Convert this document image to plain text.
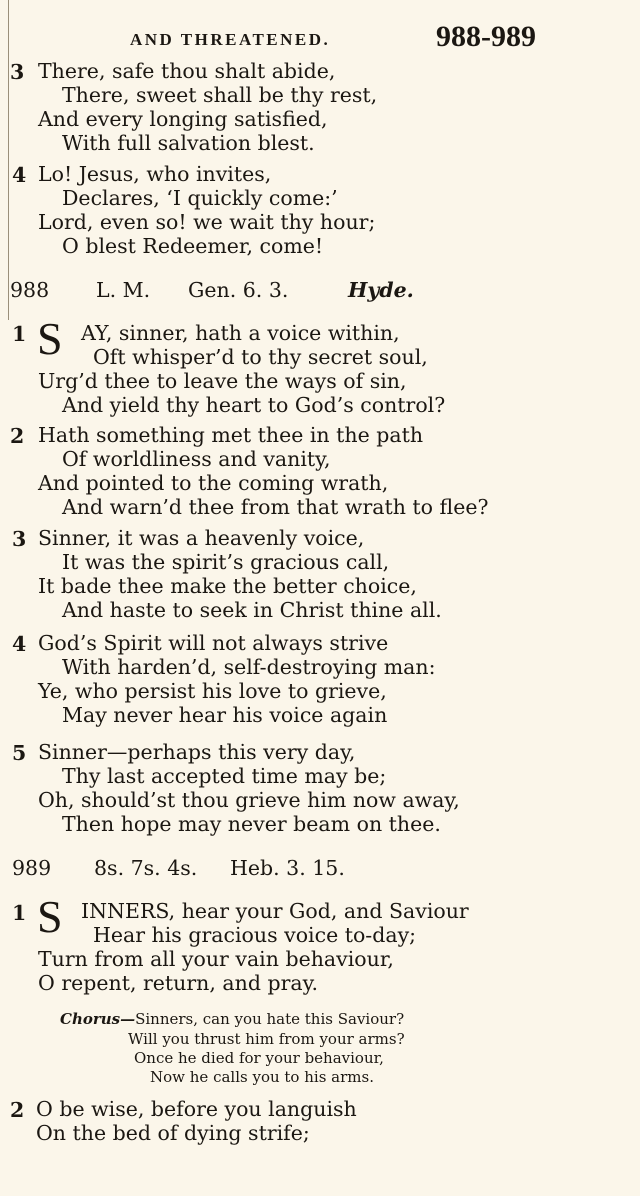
AND THREATENED.	988-989
3 There, safe thou shalt abide,
There, sweet shall be thy rest,
And every longing satisfied,
With full salvation blest.
4 Lo! Jesus, who invites,
Declares, ‘I quickly come:’
Lord, even so! we wait thy hour;
O blest Redeemer, come!
988 L. M. Gen. 6. 3.	Hyde.
1 S AY, sinner, hath a voice within,
Oft whisper’d to thy secret soul,
Urg’d thee to leave the ways of sin,
And yield thy heart to God’s control?
2 Hath something met thee in the path
Of worldliness and vanity,
And pointed to the coming wrath,
And warn’d thee from that wrath to flee?
3 Sinner, it was a heavenly voice,
It was the spirit’s gracious call,
It bade thee make the better choice,
And haste to seek in Christ thine all.
4 God’s Spirit will not always strive
With harden’d, self-destroying man:
Ye, who persist his love to grieve,
May never hear his voice again
5 Sinner—perhaps this very day,
Thy last accepted time may be;
Oh, should’st thou grieve him now away,
Then hope may never beam on thee.
989 8s. 7s. 4s. Heb. 3. 15.
1 S INNERS, hear your God, and Saviour
Hear his gracious voice to-day;
Turn from all your vain behaviour,
O repent, return, and pray.
Chorus—Sinners, can you hate this Saviour?
Will you thrust him from your arms?
Once he died for your behaviour,
Now he calls you to his arms.
2 O be wise, before you languish
On the bed of dying strife;
